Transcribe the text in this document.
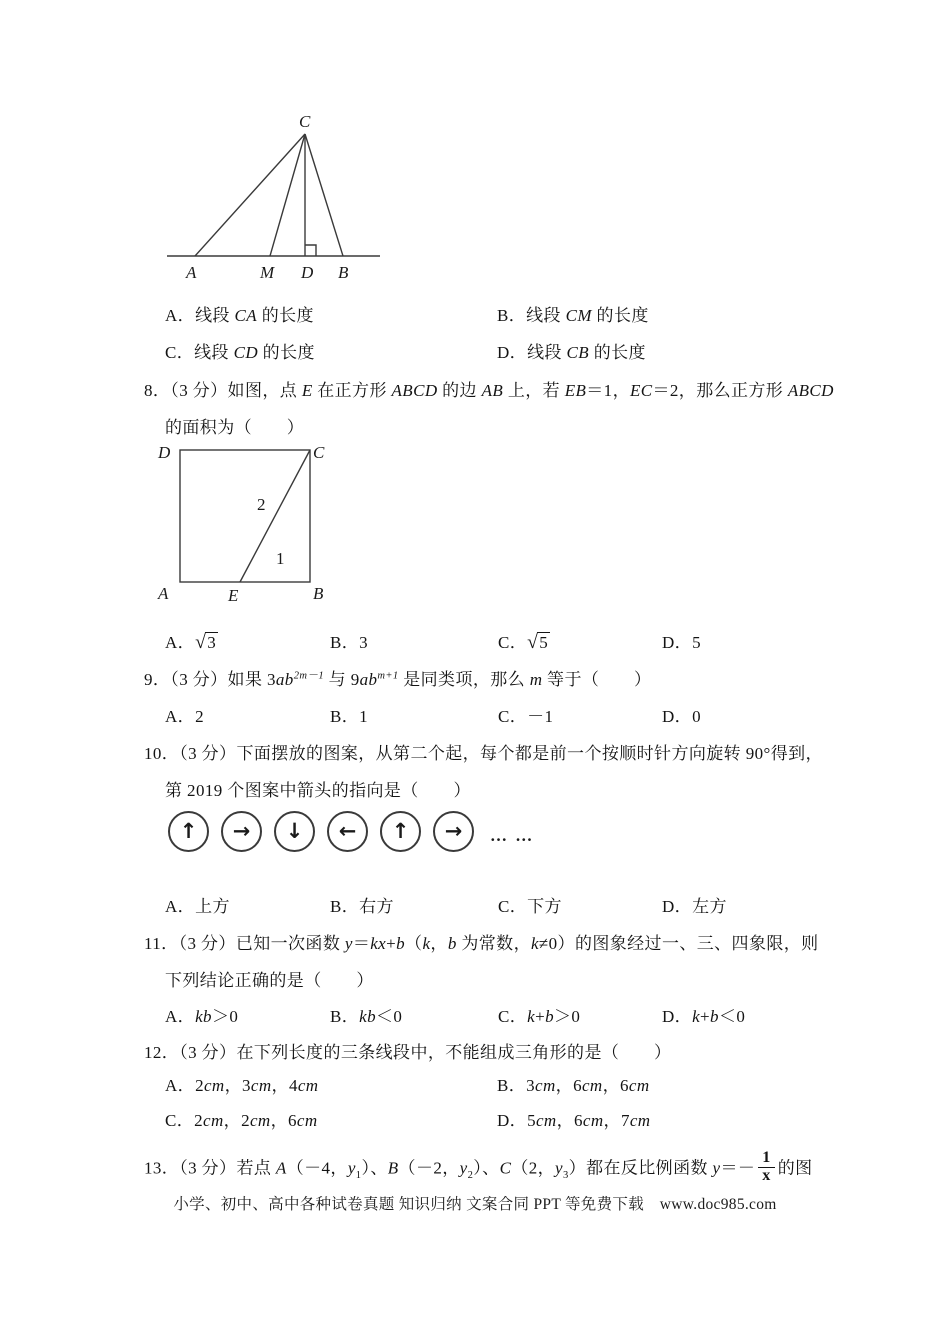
C
A	M D B
A．线段 CA 的长度	B．线段 CM 的长度
C．线段 CD 的长度	D．线段 CB 的长度
8．（3 分）如图，点 E 在正方形 ABCD 的边 AB 上，若 EB＝1，EC＝2，那么正方形 ABCD
的面积为（　　）
D	C
A	B
E
2
1
A． √ 3	B．3	C． √ 5	D．5
9．（3 分）如果 $3ab^{2m-1}$ 与 $9ab^{m+1}$ 是同类项，那么 m 等于（　　）
A．2	B．1	C．－1	D．0
10．（3 分）下面摆放的图案，从第二个起，每个都是前一个按顺时针方向旋转 90°得到，
第 2019 个图案中箭头的指向是（　　）
↑ → ↓ ← ↑ → … …
A．上方	B．右方	C．下方	D．左方
11．（3 分）已知一次函数 y＝kx+b（k，b 为常数，k≠0）的图象经过一、三、四象限，则
下列结论正确的是（　　）
A．kb＞0	B．kb＜0	C．k+b＞0	D．k+b＜0
12．（3 分）在下列长度的三条线段中，不能组成三角形的是（　　）
A．2cm，3cm，4cm	B．3cm，6cm，6cm
C．2cm，2cm，6cm	D．5cm，6cm，7cm
13．（3 分）若点 A（－4，$y_1$）、B（－2，$y_2$）、C（2，$y_3$）都在反比例函数 $y=- \frac{1}{x}$ 的图
小学、初中、高中各种试卷真题 知识归纳 文案合同 PPT 等免费下载　www.doc985.com
